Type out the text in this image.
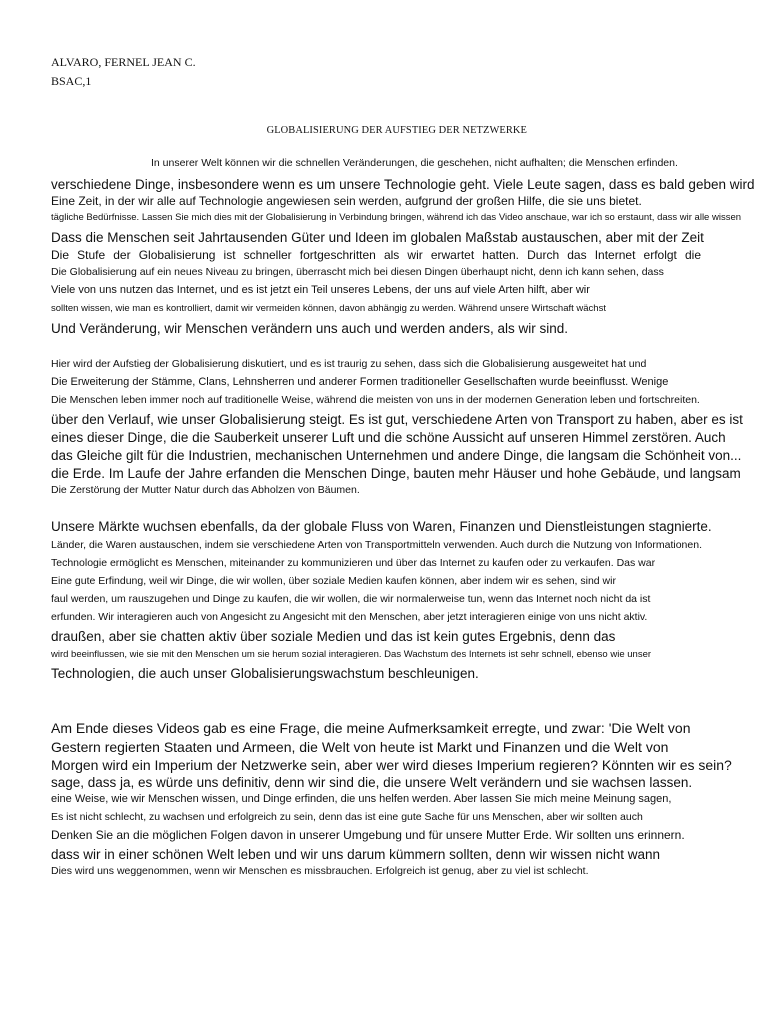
ALVARO, FERNEL JEAN C.
BSAC,1
GLOBALISIERUNG DER AUFSTIEG DER NETZWERKE
In unserer Welt können wir die schnellen Veränderungen, die geschehen, nicht aufhalten; die Menschen erfinden.
verschiedene Dinge, insbesondere wenn es um unsere Technologie geht. Viele Leute sagen, dass es bald geben wird
Eine Zeit, in der wir alle auf Technologie angewiesen sein werden, aufgrund der großen Hilfe, die sie uns bietet.
tägliche Bedürfnisse. Lassen Sie mich dies mit der Globalisierung in Verbindung bringen, während ich das Video anschaue, war ich so erstaunt, dass wir alle wissen
Dass die Menschen seit Jahrtausenden Güter und Ideen im globalen Maßstab austauschen, aber mit der Zeit
Die Stufe der Globalisierung ist schneller fortgeschritten als wir erwartet hatten. Durch das Internet erfolgt die
Die Globalisierung auf ein neues Niveau zu bringen, überrascht mich bei diesen Dingen überhaupt nicht, denn ich kann sehen, dass
Viele von uns nutzen das Internet, und es ist jetzt ein Teil unseres Lebens, der uns auf viele Arten hilft, aber wir
sollten wissen, wie man es kontrolliert, damit wir vermeiden können, davon abhängig zu werden. Während unsere Wirtschaft wächst
Und Veränderung, wir Menschen verändern uns auch und werden anders, als wir sind.
Hier wird der Aufstieg der Globalisierung diskutiert, und es ist traurig zu sehen, dass sich die Globalisierung ausgeweitet hat und
Die Erweiterung der Stämme, Clans, Lehnsherren und anderer Formen traditioneller Gesellschaften wurde beeinflusst. Wenige
Die Menschen leben immer noch auf traditionelle Weise, während die meisten von uns in der modernen Generation leben und fortschreiten.
über den Verlauf, wie unser Globalisierung steigt. Es ist gut, verschiedene Arten von Transport zu haben, aber es ist
eines dieser Dinge, die die Sauberkeit unserer Luft und die schöne Aussicht auf unseren Himmel zerstören. Auch
das Gleiche gilt für die Industrien, mechanischen Unternehmen und andere Dinge, die langsam die Schönheit von...
die Erde. Im Laufe der Jahre erfanden die Menschen Dinge, bauten mehr Häuser und hohe Gebäude, und langsam
Die Zerstörung der Mutter Natur durch das Abholzen von Bäumen.
Unsere Märkte wuchsen ebenfalls, da der globale Fluss von Waren, Finanzen und Dienstleistungen stagnierte.
Länder, die Waren austauschen, indem sie verschiedene Arten von Transportmitteln verwenden. Auch durch die Nutzung von Informationen.
Technologie ermöglicht es Menschen, miteinander zu kommunizieren und über das Internet zu kaufen oder zu verkaufen. Das war
Eine gute Erfindung, weil wir Dinge, die wir wollen, über soziale Medien kaufen können, aber indem wir es sehen, sind wir
faul werden, um rauszugehen und Dinge zu kaufen, die wir wollen, die wir normalerweise tun, wenn das Internet noch nicht da ist
erfunden. Wir interagieren auch von Angesicht zu Angesicht mit den Menschen, aber jetzt interagieren einige von uns nicht aktiv.
draußen, aber sie chatten aktiv über soziale Medien und das ist kein gutes Ergebnis, denn das
wird beeinflussen, wie sie mit den Menschen um sie herum sozial interagieren. Das Wachstum des Internets ist sehr schnell, ebenso wie unser
Technologien, die auch unser Globalisierungswachstum beschleunigen.
Am Ende dieses Videos gab es eine Frage, die meine Aufmerksamkeit erregte, und zwar: 'Die Welt von
Gestern regierten Staaten und Armeen, die Welt von heute ist Markt und Finanzen und die Welt von
Morgen wird ein Imperium der Netzwerke sein, aber wer wird dieses Imperium regieren? Könnten wir es sein?
sage, dass ja, es würde uns definitiv, denn wir sind die, die unsere Welt verändern und sie wachsen lassen.
eine Weise, wie wir Menschen wissen, und Dinge erfinden, die uns helfen werden. Aber lassen Sie mich meine Meinung sagen,
Es ist nicht schlecht, zu wachsen und erfolgreich zu sein, denn das ist eine gute Sache für uns Menschen, aber wir sollten auch
Denken Sie an die möglichen Folgen davon in unserer Umgebung und für unsere Mutter Erde. Wir sollten uns erinnern.
dass wir in einer schönen Welt leben und wir uns darum kümmern sollten, denn wir wissen nicht wann
Dies wird uns weggenommen, wenn wir Menschen es missbrauchen. Erfolgreich ist genug, aber zu viel ist schlecht.
